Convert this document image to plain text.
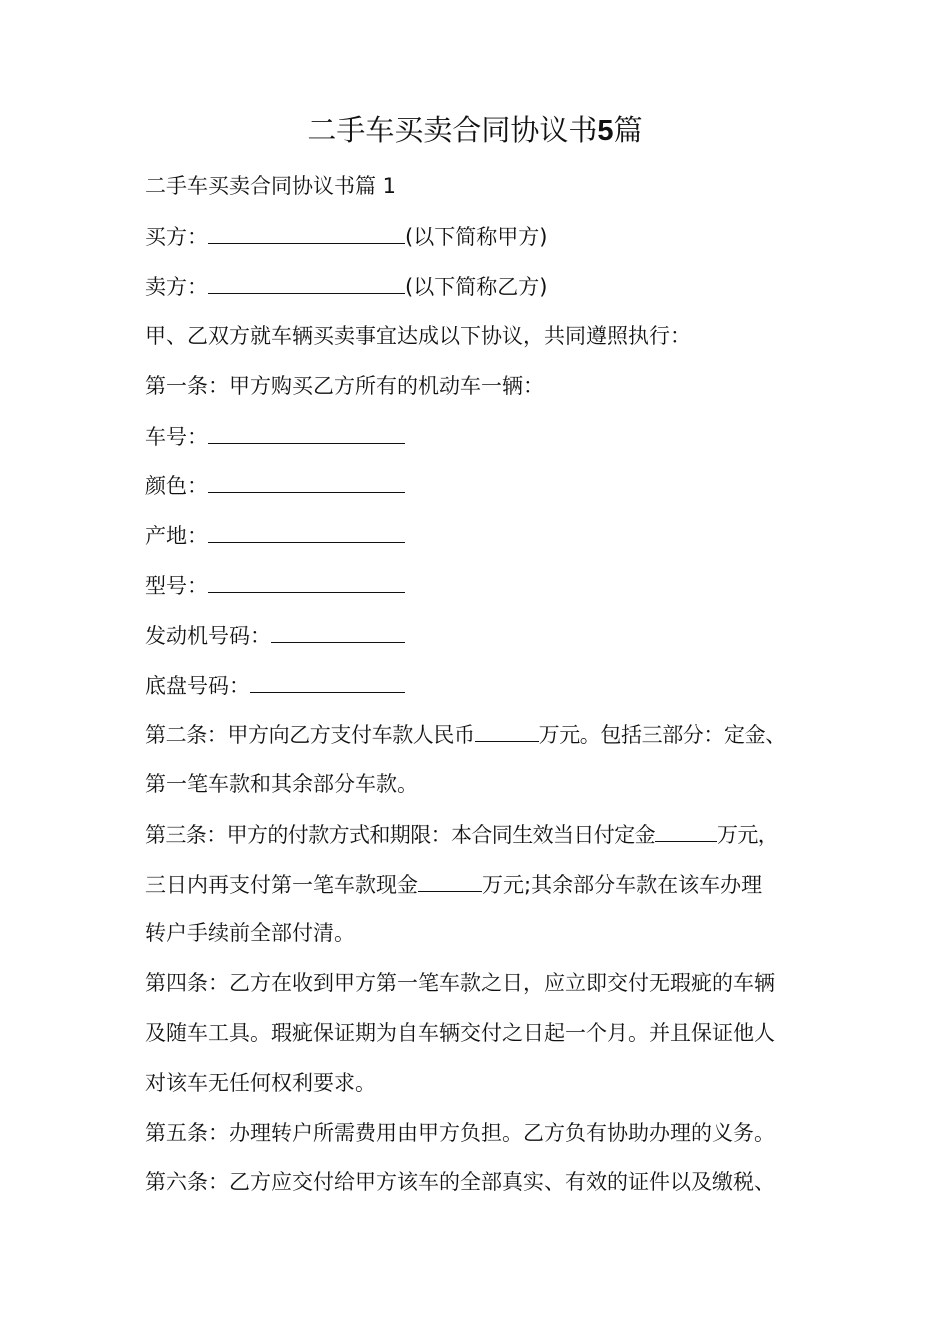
二手车买卖合同协议书5篇
二手车买卖合同协议书篇 1
买方：	(以下简称甲方)
卖方：	(以下简称乙方)
甲、乙双方就车辆买卖事宜达成以下协议，共同遵照执行：
第一条：甲方购买乙方所有的机动车一辆：
车号：
颜色：
产地：
型号：
发动机号码：
底盘号码：
第二条：甲方向乙方支付车款人民币	万元。包括三部分：定金、
第一笔车款和其余部分车款。
第三条：甲方的付款方式和期限：本合同生效当日付定金	万元，
三日内再支付第一笔车款现金	万元;其余部分车款在该车办理
转户手续前全部付清。
第四条：乙方在收到甲方第一笔车款之日，应立即交付无瑕疵的车辆
及随车工具。瑕疵保证期为自车辆交付之日起一个月。并且保证他人
对该车无任何权利要求。
第五条：办理转户所需费用由甲方负担。乙方负有协助办理的义务。
第六条：乙方应交付给甲方该车的全部真实、有效的证件以及缴税、
